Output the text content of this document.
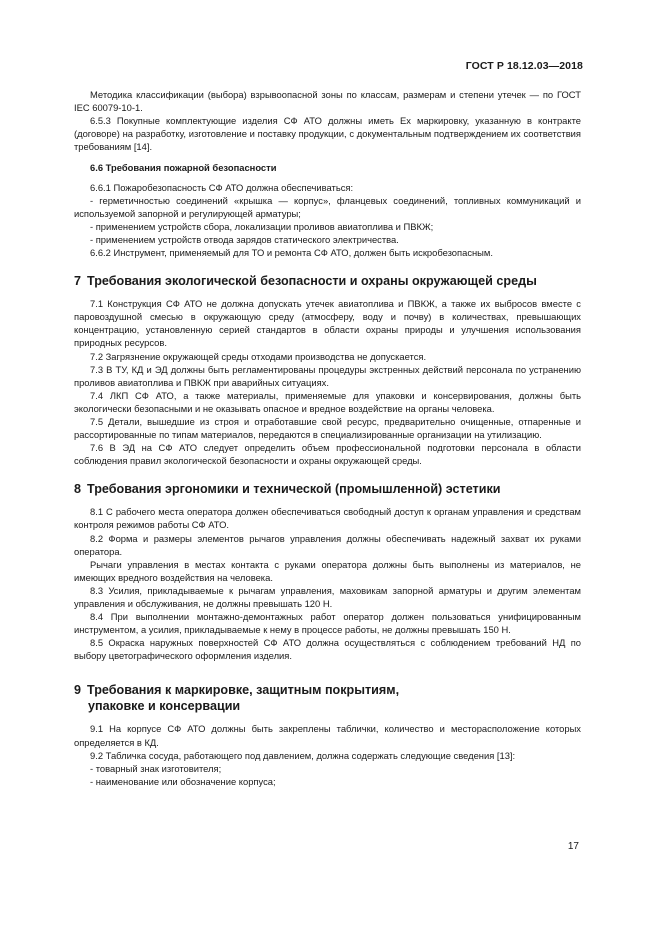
ГОСТ Р 18.12.03—2018

Методика классификации (выбора) взрывоопасной зоны по классам, размерам и степени утечек — по ГОСТ IEC 60079-10-1.

6.5.3 Покупные комплектующие изделия СФ АТО должны иметь Ex маркировку, указанную в контракте (договоре) на разработку, изготовление и поставку продукции, с документальным подтверждением их соответствия требованиям [14].

6.6 Требования пожарной безопасности

6.6.1 Пожаробезопасность СФ АТО должна обеспечиваться:

- герметичностью соединений «крышка — корпус», фланцевых соединений, топливных коммуникаций и используемой запорной и регулирующей арматуры;

- применением устройств сбора, локализации проливов авиатоплива и ПВКЖ;

- применением устройств отвода зарядов статического электричества.

6.6.2 Инструмент, применяемый для ТО и ремонта СФ АТО, должен быть искробезопасным.

7 Требования экологической безопасности и охраны окружающей среды

7.1 Конструкция СФ АТО не должна допускать утечек авиатоплива и ПВКЖ, а также их выбросов вместе с паровоздушной смесью в окружающую среду (атмосферу, воду и почву) в количествах, превышающих концентрацию, установленную серией стандартов в области охраны природы и улучшения использования природных ресурсов.

7.2 Загрязнение окружающей среды отходами производства не допускается.

7.3 В ТУ, КД и ЭД должны быть регламентированы процедуры экстренных действий персонала по устранению проливов авиатоплива и ПВКЖ при аварийных ситуациях.

7.4 ЛКП СФ АТО, а также материалы, применяемые для упаковки и консервирования, должны быть экологически безопасными и не оказывать опасное и вредное воздействие на органы человека.

7.5 Детали, вышедшие из строя и отработавшие свой ресурс, предварительно очищенные, отпаренные и рассортированные по типам материалов, передаются в специализированные организации на утилизацию.

7.6 В ЭД на СФ АТО следует определить объем профессиональной подготовки персонала в области соблюдения правил экологической безопасности и охраны окружающей среды.

8 Требования эргономики и технической (промышленной) эстетики

8.1 С рабочего места оператора должен обеспечиваться свободный доступ к органам управления и средствам контроля режимов работы СФ АТО.

8.2 Форма и размеры элементов рычагов управления должны обеспечивать надежный захват их руками оператора.

Рычаги управления в местах контакта с руками оператора должны быть выполнены из материалов, не имеющих вредного воздействия на человека.

8.3 Усилия, прикладываемые к рычагам управления, маховикам запорной арматуры и другим элементам управления и обслуживания, не должны превышать 120 Н.

8.4 При выполнении монтажно-демонтажных работ оператор должен пользоваться унифицированным инструментом, а усилия, прикладываемые к нему в процессе работы, не должны превышать 150 Н.

8.5 Окраска наружных поверхностей СФ АТО должна осуществляться с соблюдением требований НД по выбору цветографического оформления изделия.

9 Требования к маркировке, защитным покрытиям,
упаковке и консервации

9.1 На корпусе СФ АТО должны быть закреплены таблички, количество и месторасположение которых определяется в КД.

9.2 Табличка сосуда, работающего под давлением, должна содержать следующие сведения [13]:

- товарный знак изготовителя;

- наименование или обозначение корпуса;

17
